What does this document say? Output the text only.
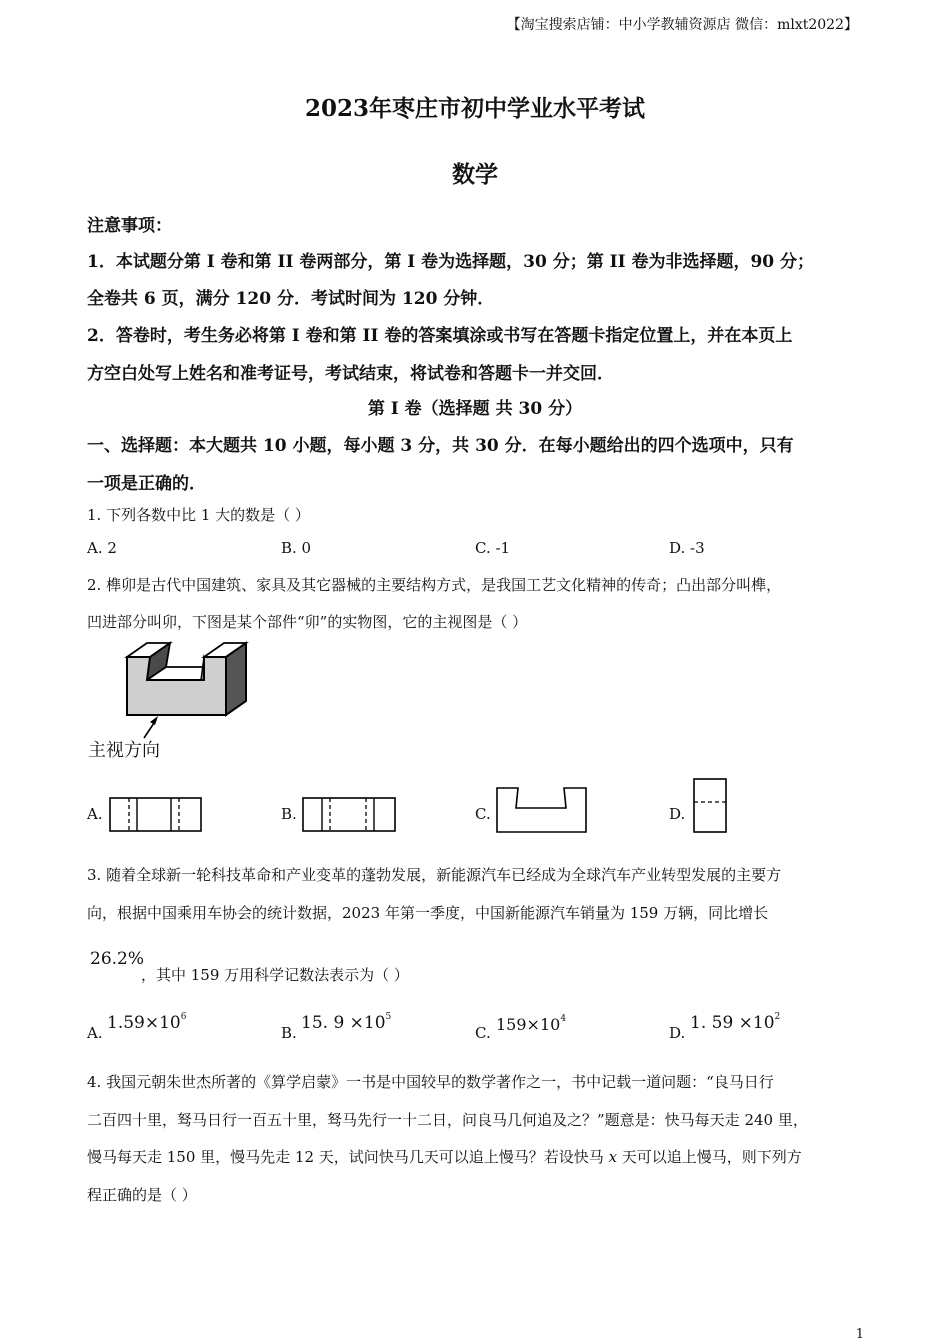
【淘宝搜索店铺：中小学教辅资源店 微信：mlxt2022】
2023年枣庄市初中学业水平考试
数学
注意事项：
1．本试题分第 I 卷和第 II 卷两部分，第 I 卷为选择题，30 分；第 II 卷为非选择题，90 分；
全卷共 6 页，满分 120 分．考试时间为 120 分钟．
2．答卷时，考生务必将第 I 卷和第 II 卷的答案填涂或书写在答题卡指定位置上，并在本页上
方空白处写上姓名和准考证号，考试结束，将试卷和答题卡一并交回．
第 I 卷（选择题 共 30 分）
一、选择题：本大题共 10 小题，每小题 3 分，共 30 分．在每小题给出的四个选项中，只有
一项是正确的．
1. 下列各数中比 1 大的数是（ ）
A. 2	B. 0	C. -1	D. -3
2. 榫卯是古代中国建筑、家具及其它器械的主要结构方式，是我国工艺文化精神的传奇；凸出部分叫榫，
凹进部分叫卯，下图是某个部件“卯”的实物图，它的主视图是（ ）
主视方向
A.	B.	C.	D.
3. 随着全球新一轮科技革命和产业变革的蓬勃发展，新能源汽车已经成为全球汽车产业转型发展的主要方
向，根据中国乘用车协会的统计数据，2023 年第一季度，中国新能源汽车销量为 159 万辆，同比增长
26.2%
，其中 159 万用科学记数法表示为（ ）
A. $1.59\times 10^6$
B. 15. $9 \times 10^5$
C. $159\times 10^4$
D. 1. $59 \times 10^2$
4. 我国元朝朱世杰所著的《算学启蒙》一书是中国较早的数学著作之一，书中记载一道问题：“良马日行
二百四十里，驽马日行一百五十里，驽马先行一十二日，问良马几何追及之？”题意是：快马每天走 240 里，
慢马每天走 150 里，慢马先走 12 天，试问快马几天可以追上慢马？若设快马 x 天可以追上慢马，则下列方
程正确的是（ ）
1
